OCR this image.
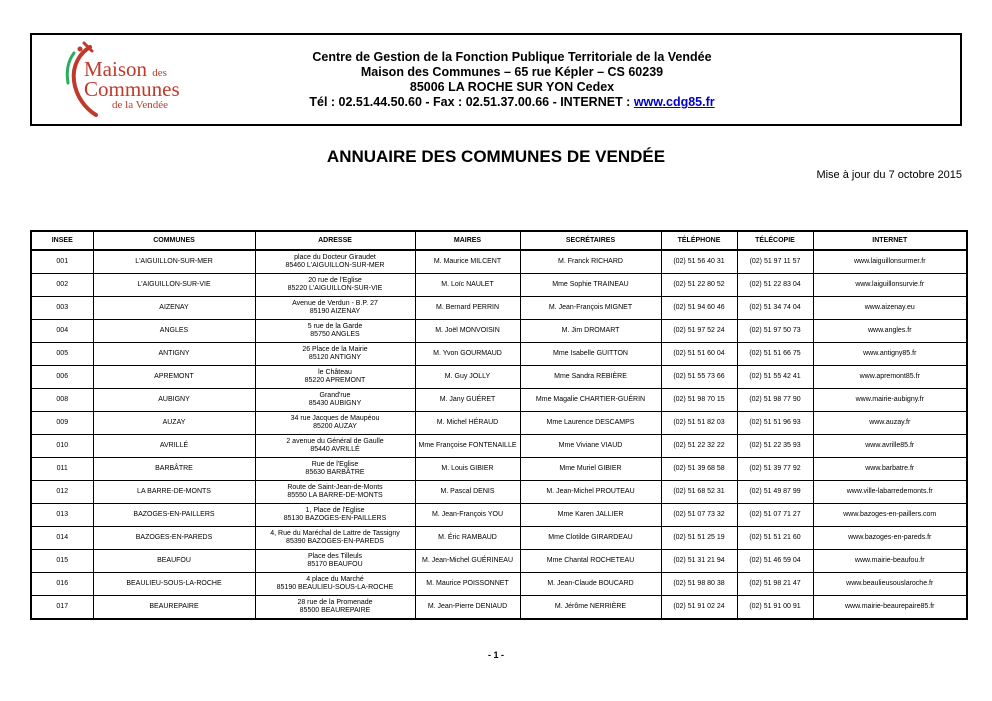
Maison des
Communes
de la Vendée
Centre de Gestion de la Fonction Publique Territoriale de la Vendée
Maison des Communes – 65 rue Képler – CS 60239
85006 LA ROCHE SUR YON Cedex
Tél : 02.51.44.50.60 - Fax : 02.51.37.00.66 - INTERNET : www.cdg85.fr
ANNUAIRE DES COMMUNES DE VENDÉE
Mise à jour du 7 octobre 2015
INSEE	COMMUNES	ADRESSE	MAIRES	SECRÉTAIRES	TÉLÉPHONE	TÉLÉCOPIE	INTERNET
001	L'AIGUILLON-SUR-MER	place du Docteur Giraudet
85460 L'AIGUILLON-SUR-MER	M. Maurice MILCENT	M. Franck RICHARD	(02) 51 56 40 31	(02) 51 97 11 57	www.laiguillonsurmer.fr
002	L'AIGUILLON-SUR-VIE	20 rue de l'Eglise
85220 L'AIGUILLON-SUR-VIE	M. Loïc NAULET	Mme Sophie TRAINEAU	(02) 51 22 80 52	(02) 51 22 83 04	www.laiguillonsurvie.fr
003	AIZENAY	Avenue de Verdun - B.P. 27
85190 AIZENAY	M. Bernard PERRIN	M. Jean-François MIGNET	(02) 51 94 60 46	(02) 51 34 74 04	www.aizenay.eu
004	ANGLES	5 rue de la Garde
85750 ANGLES	M. Joël MONVOISIN	M. Jim DROMART	(02) 51 97 52 24	(02) 51 97 50 73	www.angles.fr
005	ANTIGNY	26 Place de la Mairie
85120 ANTIGNY	M. Yvon GOURMAUD	Mme Isabelle GUITTON	(02) 51 51 60 04	(02) 51 51 66 75	www.antigny85.fr
006	APREMONT	le Château
85220 APREMONT	M. Guy JOLLY	Mme Sandra REBIÈRE	(02) 51 55 73 66	(02) 51 55 42 41	www.apremont85.fr
008	AUBIGNY	Grand'rue
85430 AUBIGNY	M. Jany GUÉRET	Mme Magalie CHARTIER-GUÉRIN	(02) 51 98 70 15	(02) 51 98 77 90	www.mairie-aubigny.fr
009	AUZAY	34 rue Jacques de Maupéou
85200 AUZAY	M. Michel HÉRAUD	Mme Laurence DESCAMPS	(02) 51 51 82 03	(02) 51 51 96 93	www.auzay.fr
010	AVRILLÉ	2 avenue du Général de Gaulle
85440 AVRILLÉ	Mme Françoise FONTENAILLE	Mme Viviane VIAUD	(02) 51 22 32 22	(02) 51 22 35 93	www.avrille85.fr
011	BARBÂTRE	Rue de l'Eglise
85630 BARBÂTRE	M. Louis GIBIER	Mme Muriel GIBIER	(02) 51 39 68 58	(02) 51 39 77 92	www.barbatre.fr
012	LA BARRE-DE-MONTS	Route de Saint-Jean-de-Monts
85550 LA BARRE-DE-MONTS	M. Pascal DENIS	M. Jean-Michel PROUTEAU	(02) 51 68 52 31	(02) 51 49 87 99	www.ville-labarredemonts.fr
013	BAZOGES-EN-PAILLERS	1, Place de l'Eglise
85130 BAZOGES-EN-PAILLERS	M. Jean-François YOU	Mme Karen JALLIER	(02) 51 07 73 32	(02) 51 07 71 27	www.bazoges-en-paillers.com
014	BAZOGES-EN-PAREDS	4, Rue du Maréchal de Lattre de Tassigny
85390 BAZOGES-EN-PAREDS	M. Éric RAMBAUD	Mme Clotilde GIRARDEAU	(02) 51 51 25 19	(02) 51 51 21 60	www.bazoges-en-pareds.fr
015	BEAUFOU	Place des Tilleuls
85170 BEAUFOU	M. Jean-Michel GUÉRINEAU	Mme Chantal ROCHETEAU	(02) 51 31 21 94	(02) 51 46 59 04	www.mairie-beaufou.fr
016	BEAULIEU-SOUS-LA-ROCHE	4 place du Marché
85190 BEAULIEU-SOUS-LA-ROCHE	M. Maurice POISSONNET	M. Jean-Claude BOUCARD	(02) 51 98 80 38	(02) 51 98 21 47	www.beaulieusouslaroche.fr
017	BEAUREPAIRE	28 rue de la Promenade
85500 BEAUREPAIRE	M. Jean-Pierre DENIAUD	M. Jérôme NERRIÈRE	(02) 51 91 02 24	(02) 51 91 00 91	www.mairie-beaurepaire85.fr
- 1 -
